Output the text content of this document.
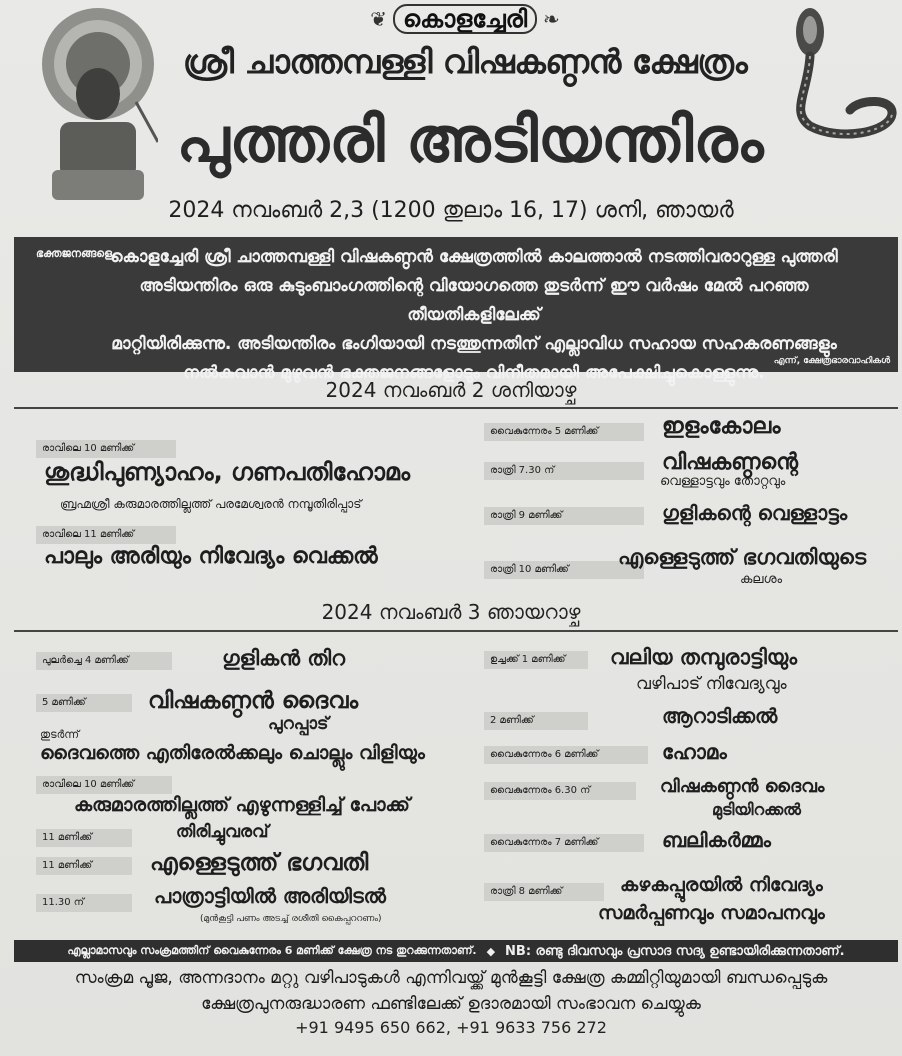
❦ കൊളച്ചേരി ❧
ശ്രീ ചാത്തമ്പള്ളി വിഷകണ്ഠൻ ക്ഷേത്രം
പുത്തരി അടിയന്തിരം
2024 നവംബർ 2,3 (1200 തുലാം 16, 17) ശനി, ഞായർ
ഭക്തജനങ്ങളെ,
കൊളച്ചേരി ശ്രീ ചാത്തമ്പള്ളി വിഷകണ്ഠൻ ക്ഷേത്രത്തിൽ കാലത്താൽ നടത്തിവരാറുള്ള പുത്തരി
അടിയന്തിരം ഒരു കുടുംബാംഗത്തിന്റെ വിയോഗത്തെ തുടർന്ന് ഈ വർഷം മേൽ പറഞ്ഞ തീയതികളിലേക്ക്
മാറ്റിയിരിക്കുന്നു. അടിയന്തിരം ഭംഗിയായി നടത്തുന്നതിന് എല്ലാവിധ സഹായ സഹകരണങ്ങളും
നൽകുവാൻ മുഴുവൻ ഭക്തജനങ്ങളോടും വിനീതമായി അപേക്ഷിച്ചുകൊള്ളുന്നു.
എന്ന്, ക്ഷേത്രഭാരവാഹികൾ
2024 നവംബർ 2 ശനിയാഴ്ച
രാവിലെ 10 മണിക്ക്
ശുദ്ധിപുണ്യാഹം, ഗണപതിഹോമം
ബ്രഹ്മശ്രീ കരുമാരത്തില്ലത്ത് പരമേശ്വരൻ നമ്പൂതിരിപ്പാട്
രാവിലെ 11 മണിക്ക്
പാലും അരിയും നിവേദ്യം വെക്കൽ
വൈകുന്നേരം 5 മണിക്ക്	ഇളംകോലം
രാത്രി 7.30 ന്	വിഷകണ്ഠന്റെ
വെള്ളാട്ടവും തോറ്റവും
രാത്രി 9 മണിക്ക്	ഗുളികന്റെ വെള്ളാട്ടം
രാത്രി 10 മണിക്ക്
എള്ളെടുത്ത് ഭഗവതിയുടെ
കലശം
2024 നവംബർ 3 ഞായറാഴ്ച
പുലർച്ചെ 4 മണിക്ക്	ഗുളികൻ തിറ
5 മണിക്ക്	വിഷകണ്ഠൻ ദൈവം
പുറപ്പാട്
തുടർന്ന്
ദൈവത്തെ എതിരേൽക്കലും ചൊല്ലും വിളിയും
രാവിലെ 10 മണിക്ക്
കരുമാരത്തില്ലത്ത് എഴുന്നള്ളിച്ച് പോക്ക്
11 മണിക്ക്	തിരിച്ചുവരവ്
11 മണിക്ക്	എള്ളെടുത്ത് ഭഗവതി
11.30 ന്	പാത്രാട്ടിയിൽ അരിയിടൽ
(മുൻകൂട്ടി പണം അടച്ച് രശീതി കൈപ്പററണം)
ഉച്ചക്ക് 1 മണിക്ക്	വലിയ തമ്പുരാട്ടിയും
വഴിപാട് നിവേദ്യവും
2 മണിക്ക്	ആറാടിക്കൽ
വൈകുന്നേരം 6 മണിക്ക്	ഹോമം
വൈകുന്നേരം 6.30 ന്	വിഷകണ്ഠൻ ദൈവം
മുടിയിറക്കൽ
വൈകുന്നേരം 7 മണിക്ക്	ബലികർമ്മം
രാത്രി 8 മണിക്ക്	കഴകപ്പുരയിൽ നിവേദ്യം
സമർപ്പണവും സമാപനവും
എല്ലാമാസവും സംക്രമത്തിന് വൈകുന്നേരം 6 മണിക്ക് ക്ഷേത്ര നട തുറക്കുന്നതാണ്. ◆ NB: രണ്ടു ദിവസവും പ്രസാദ സദ്യ ഉണ്ടായിരിക്കുന്നതാണ്.
സംക്രമ പൂജ, അന്നദാനം മറ്റു വഴിപാടുകൾ എന്നിവയ്ക്ക് മുൻകൂട്ടി ക്ഷേത്ര കമ്മിറ്റിയുമായി ബന്ധപ്പെടുക
ക്ഷേത്രപുനരുദ്ധാരണ ഫണ്ടിലേക്ക് ഉദാരമായി സംഭാവന ചെയ്യുക
+91 9495 650 662, +91 9633 756 272
